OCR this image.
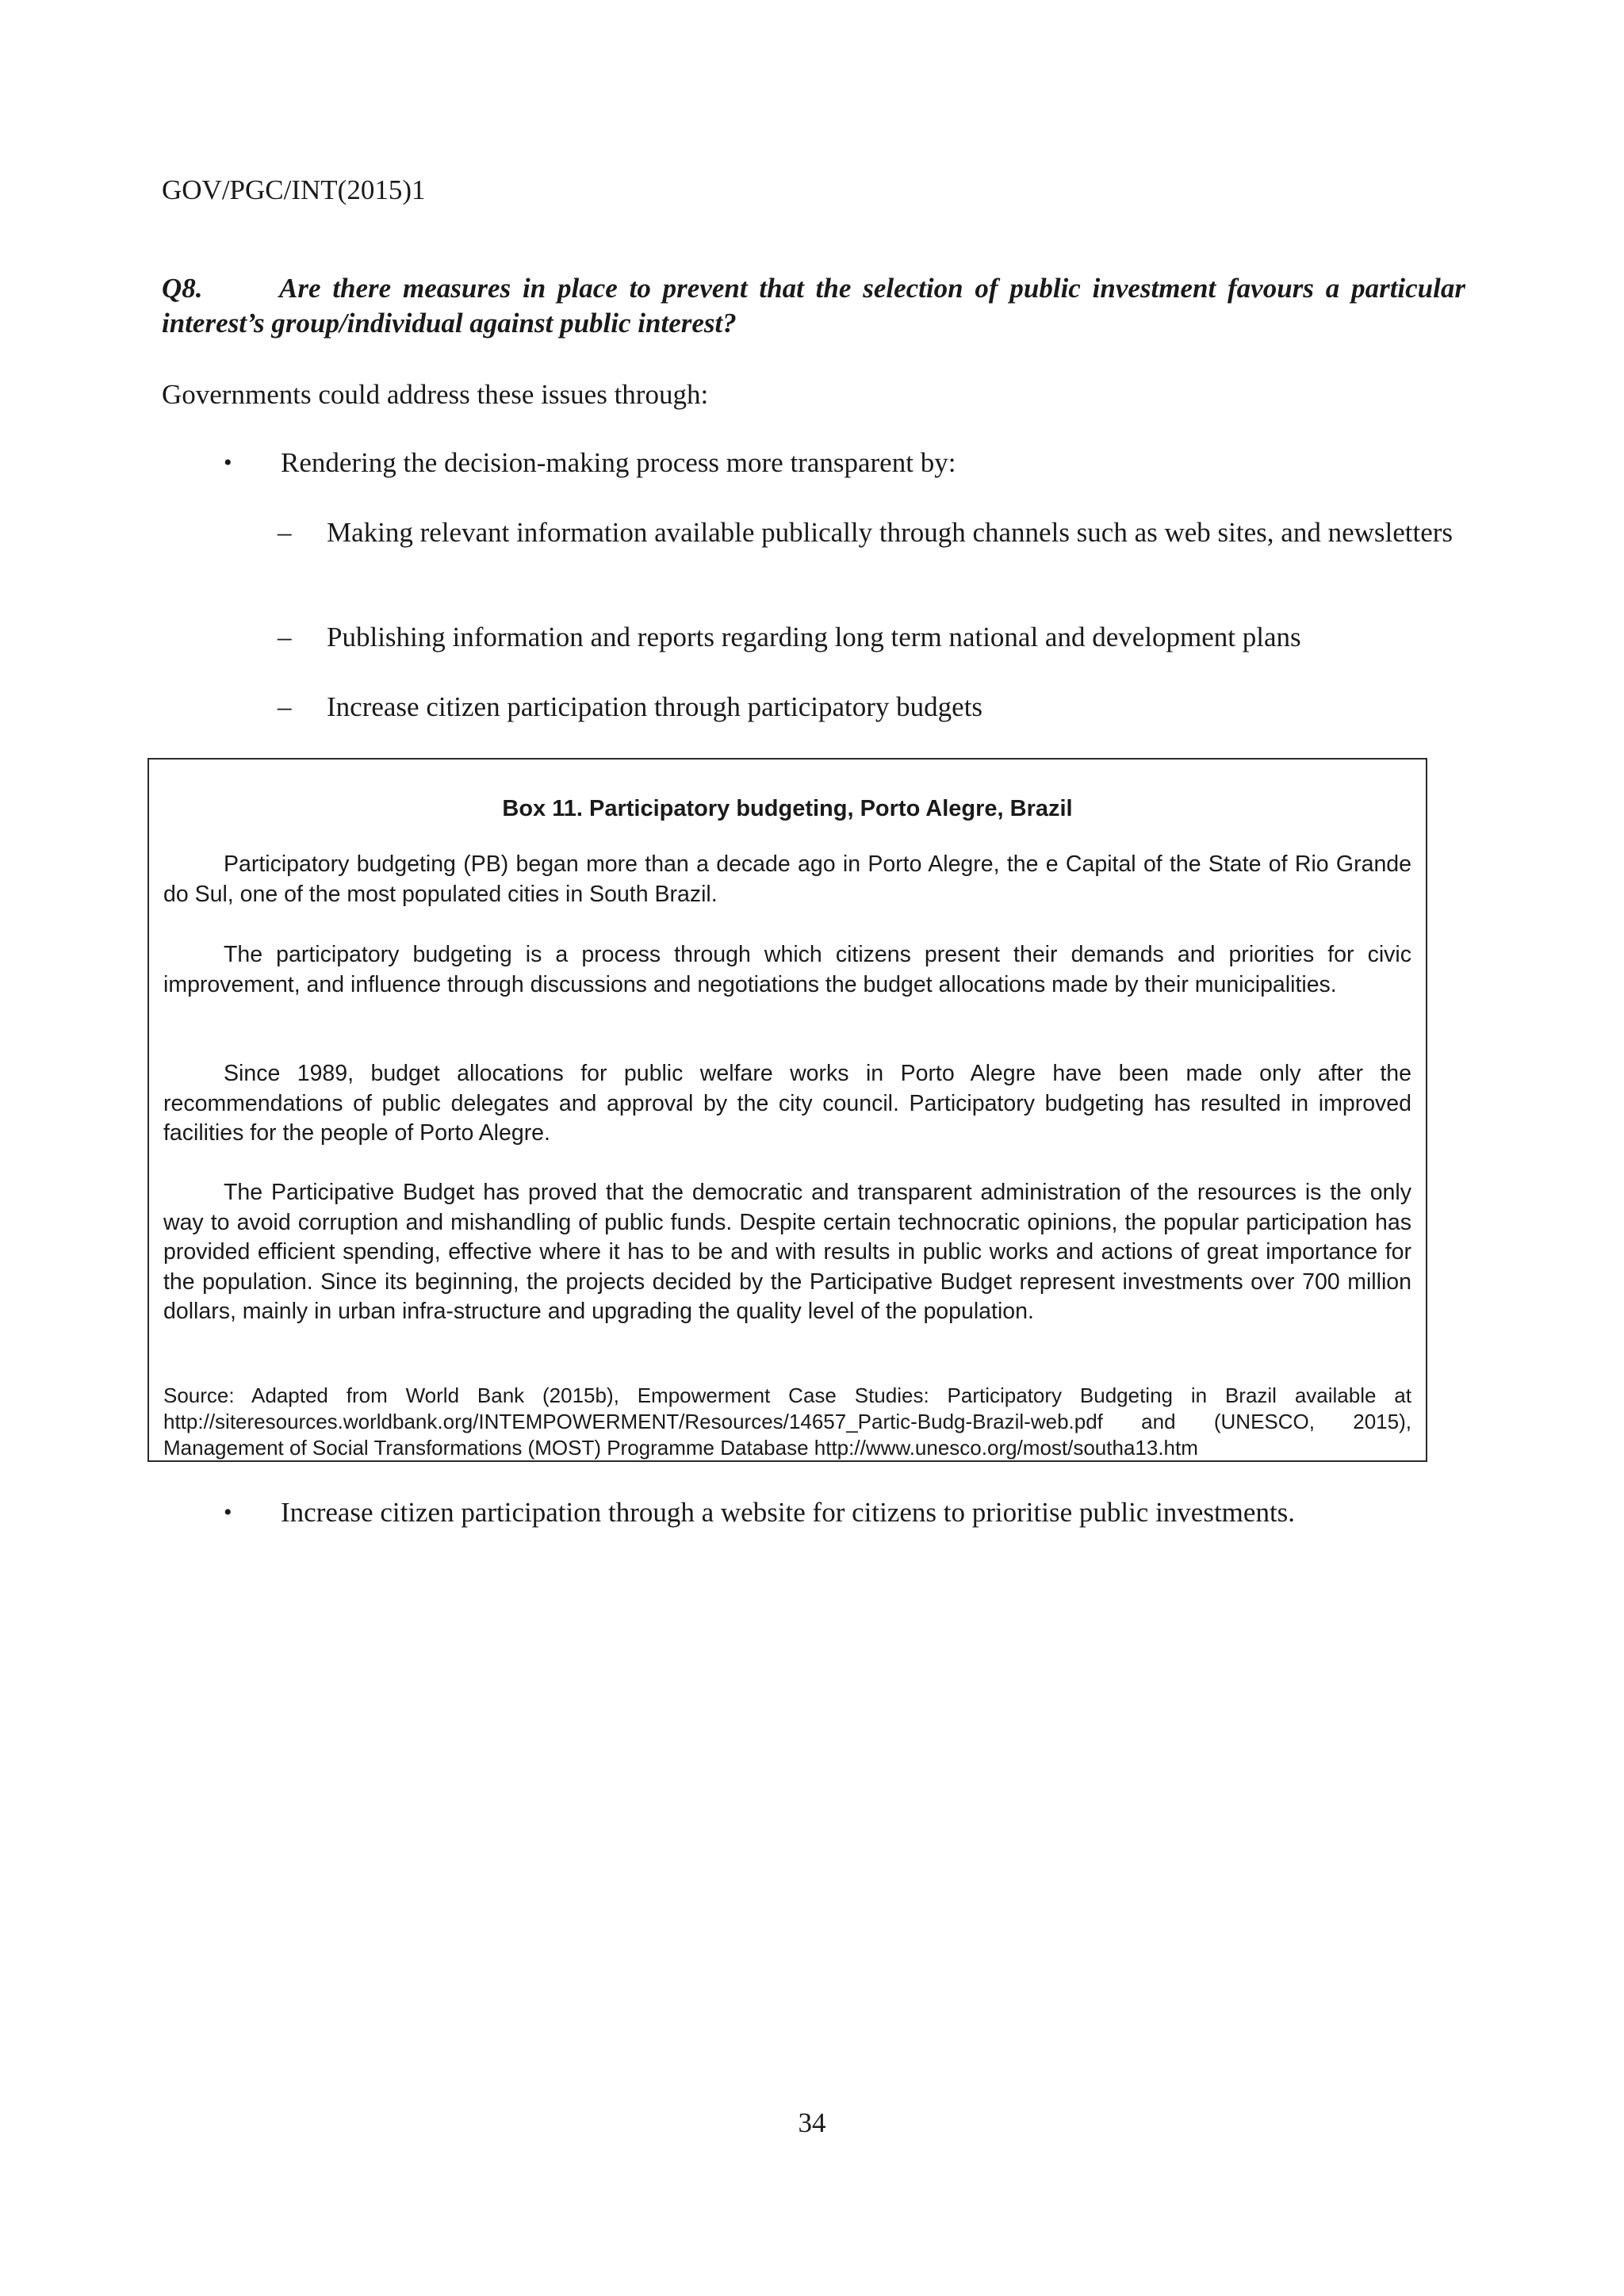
GOV/PGC/INT(2015)1
Q8.	Are there measures in place to prevent that the selection of public investment favours a particular interest’s group/individual against public interest?
Governments could address these issues through:
• Rendering the decision-making process more transparent by:
– Making relevant information available publically through channels such as web sites, and newsletters
– Publishing information and reports regarding long term national and development plans
– Increase citizen participation through participatory budgets
Box 11. Participatory budgeting, Porto Alegre, Brazil
Participatory budgeting (PB) began more than a decade ago in Porto Alegre, the e Capital of the State of Rio Grande do Sul, one of the most populated cities in South Brazil.
The participatory budgeting is a process through which citizens present their demands and priorities for civic improvement, and influence through discussions and negotiations the budget allocations made by their municipalities.
Since 1989, budget allocations for public welfare works in Porto Alegre have been made only after the recommendations of public delegates and approval by the city council. Participatory budgeting has resulted in improved facilities for the people of Porto Alegre.
The Participative Budget has proved that the democratic and transparent administration of the resources is the only way to avoid corruption and mishandling of public funds. Despite certain technocratic opinions, the popular participation has provided efficient spending, effective where it has to be and with results in public works and actions of great importance for the population. Since its beginning, the projects decided by the Participative Budget represent investments over 700 million dollars, mainly in urban infra-structure and upgrading the quality level of the population.
Source: Adapted from World Bank (2015b), Empowerment Case Studies: Participatory Budgeting in Brazil available at http://siteresources.worldbank.org/INTEMPOWERMENT/Resources/14657_Partic-Budg-Brazil-web.pdf and (UNESCO, 2015), Management of Social Transformations (MOST) Programme Database http://www.unesco.org/most/southa13.htm
• Increase citizen participation through a website for citizens to prioritise public investments.
34
